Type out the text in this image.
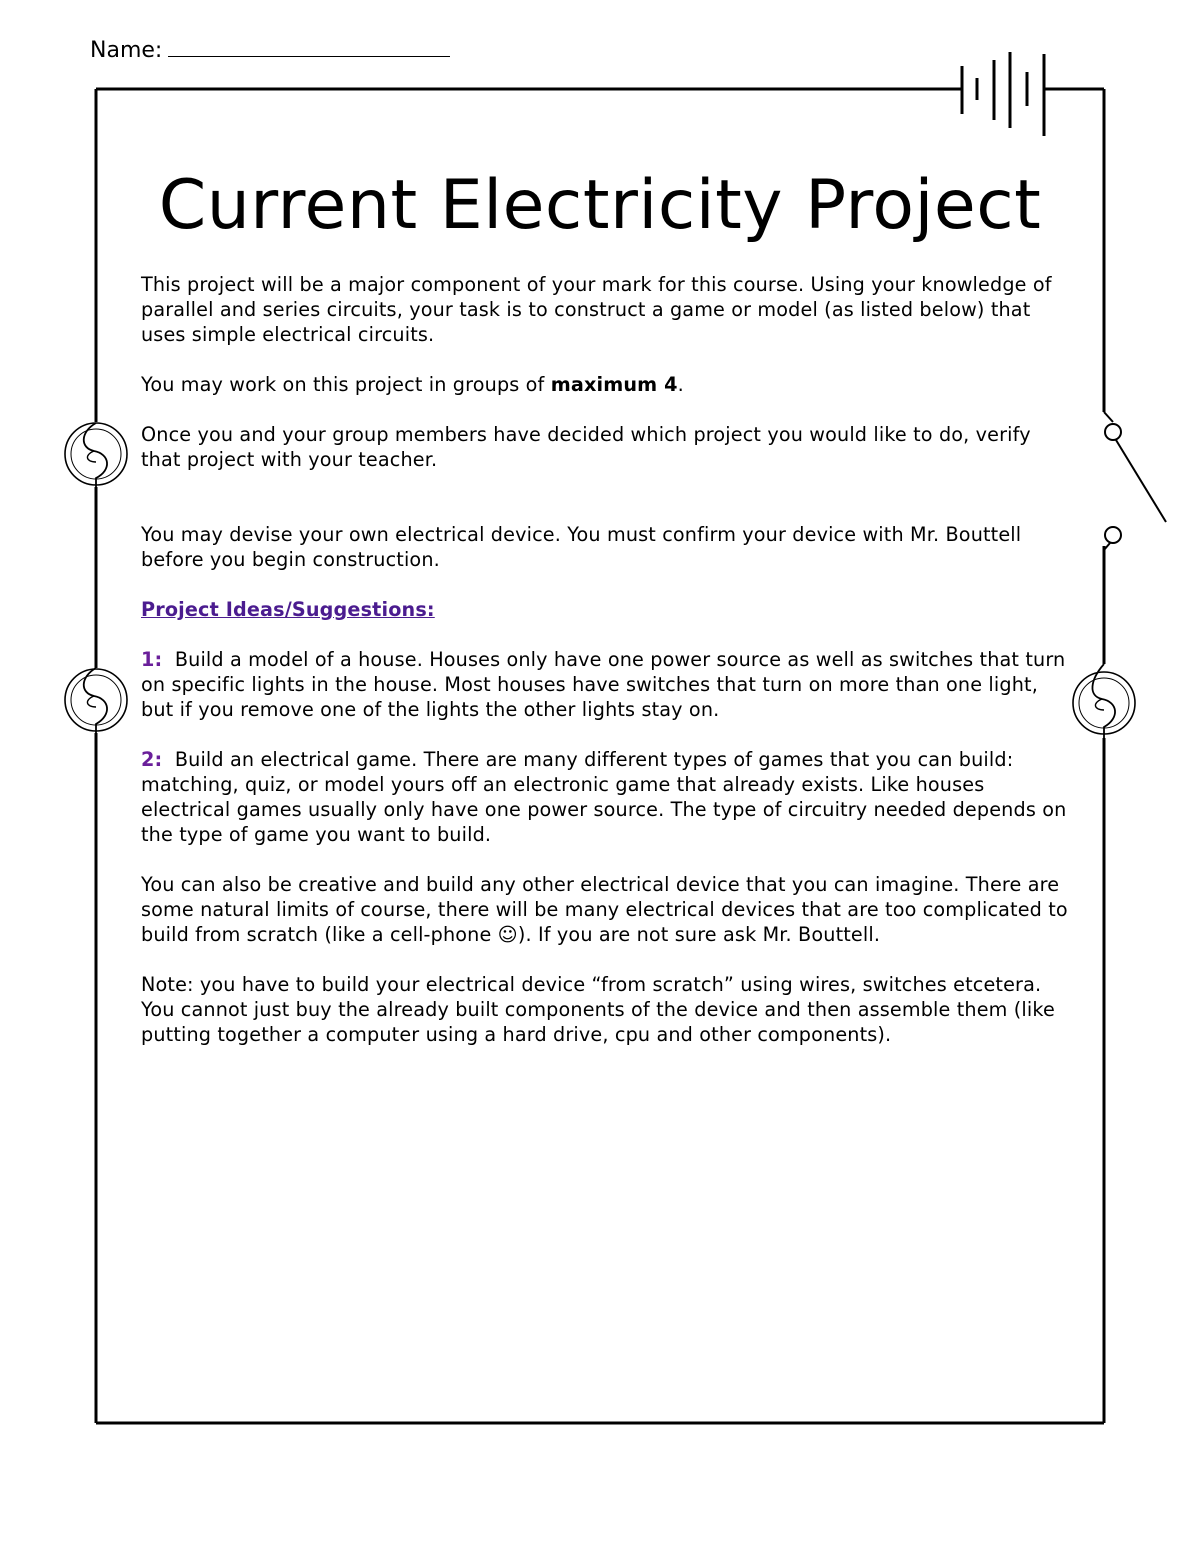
Name:
Current Electricity Project

This project will be a major component of your mark for this course. Using your knowledge of parallel and series circuits, your task is to construct a game or model (as listed below) that uses simple electrical circuits.

You may work on this project in groups of maximum 4.

Once you and your group members have decided which project you would like to do, verify that project with your teacher.

You may devise your own electrical device. You must confirm your device with Mr. Bouttell before you begin construction.

Project Ideas/Suggestions:

1: Build a model of a house. Houses only have one power source as well as switches that turn on specific lights in the house. Most houses have switches that turn on more than one light, but if you remove one of the lights the other lights stay on.

2: Build an electrical game. There are many different types of games that you can build: matching, quiz, or model yours off an electronic game that already exists. Like houses electrical games usually only have one power source. The type of circuitry needed depends on the type of game you want to build.

You can also be creative and build any other electrical device that you can imagine. There are some natural limits of course, there will be many electrical devices that are too complicated to build from scratch (like a cell-phone ☺). If you are not sure ask Mr. Bouttell.

Note: you have to build your electrical device “from scratch” using wires, switches etcetera. You cannot just buy the already built components of the device and then assemble them (like putting together a computer using a hard drive, cpu and other components).
